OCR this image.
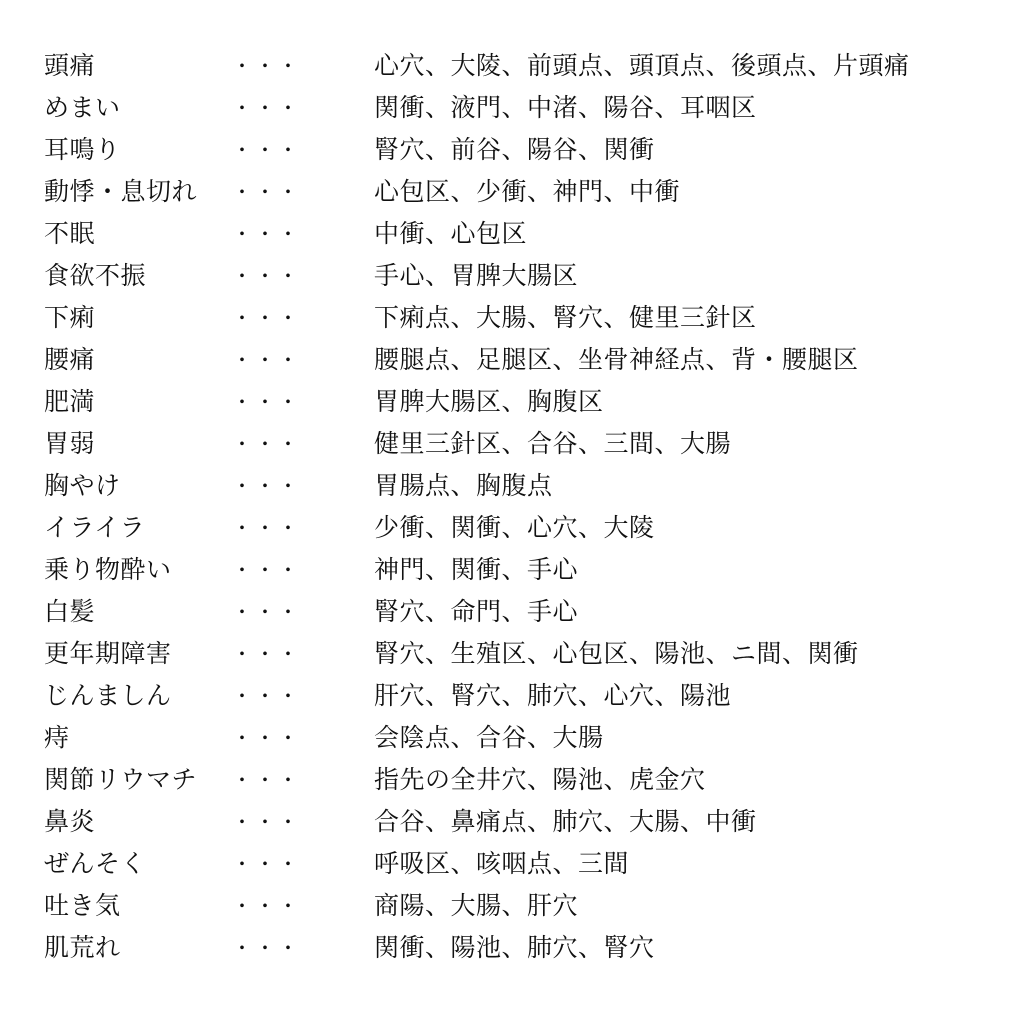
頭痛	・・・	心穴、大陵、前頭点、頭頂点、後頭点、片頭痛
めまい	・・・	関衝、液門、中渚、陽谷、耳咽区
耳鳴り	・・・	腎穴、前谷、陽谷、関衝
動悸・息切れ ・・・	心包区、少衝、神門、中衝
不眠	・・・	中衝、心包区
食欲不振	・・・	手心、胃脾大腸区
下痢	・・・	下痢点、大腸、腎穴、健里三針区
腰痛	・・・	腰腿点、足腿区、坐骨神経点、背・腰腿区
肥満	・・・	胃脾大腸区、胸腹区
胃弱	・・・	健里三針区、合谷、三間、大腸
胸やけ	・・・	胃腸点、胸腹点
イライラ	・・・	少衝、関衝、心穴、大陵
乗り物酔い	・・・	神門、関衝、手心
白髪	・・・	腎穴、命門、手心
更年期障害	・・・	腎穴、生殖区、心包区、陽池、ニ間、関衝
じんましん	・・・	肝穴、腎穴、肺穴、心穴、陽池
痔	・・・	会陰点、合谷、大腸
関節リウマチ ・・・	指先の全井穴、陽池、虎金穴
鼻炎	・・・	合谷、鼻痛点、肺穴、大腸、中衝
ぜんそく	・・・	呼吸区、咳咽点、三間
吐き気	・・・	商陽、大腸、肝穴
肌荒れ	・・・	関衝、陽池、肺穴、腎穴
